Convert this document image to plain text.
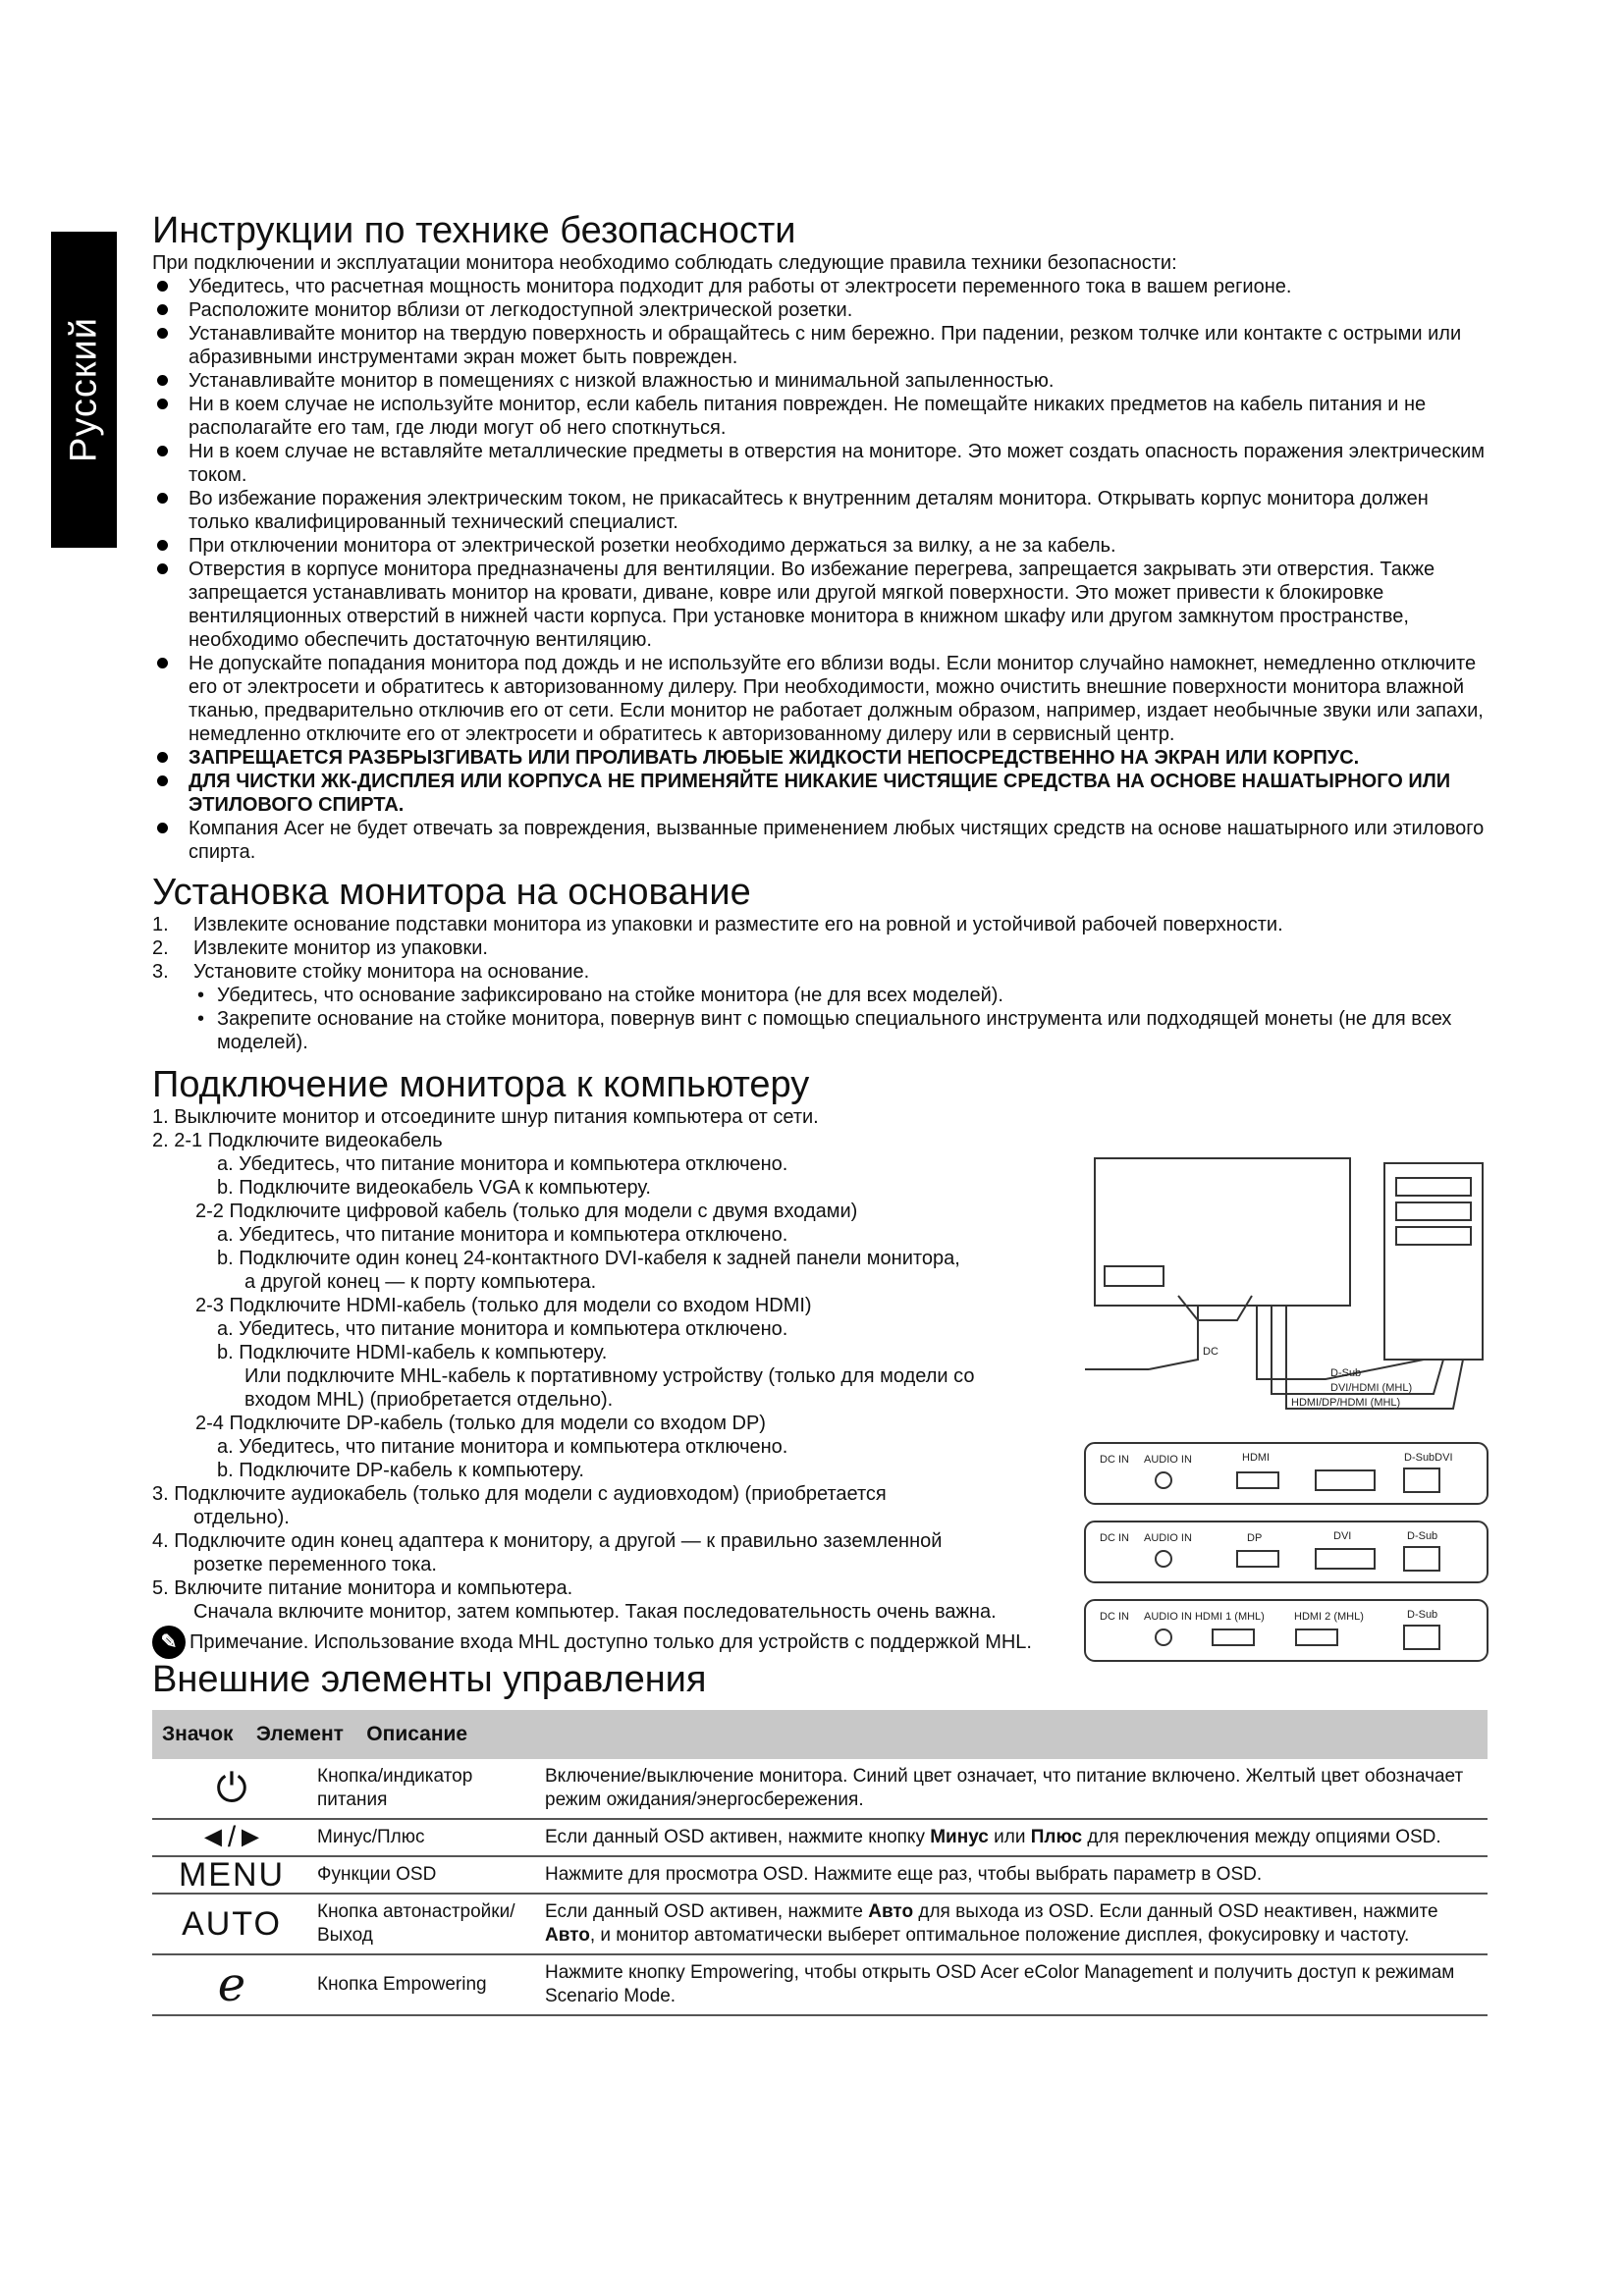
Русский
Инструкции по технике безопасности
При подключении и эксплуатации монитора необходимо соблюдать следующие правила техники безопасности:
Убедитесь, что расчетная мощность монитора подходит для работы от электросети переменного тока в вашем регионе.
Расположите монитор вблизи от легкодоступной электрической розетки.
Устанавливайте монитор на твердую поверхность и обращайтесь с ним бережно. При падении, резком толчке или контакте с острыми или абразивными инструментами экран может быть поврежден.
Устанавливайте монитор в помещениях с низкой влажностью и минимальной запыленностью.
Ни в коем случае не используйте монитор, если кабель питания поврежден. Не помещайте никаких предметов на кабель питания и не располагайте его там, где люди могут об него споткнуться.
Ни в коем случае не вставляйте металлические предметы в отверстия на мониторе. Это может создать опасность поражения электрическим током.
Во избежание поражения электрическим током, не прикасайтесь к внутренним деталям монитора. Открывать корпус монитора должен только квалифицированный технический специалист.
При отключении монитора от электрической розетки необходимо держаться за вилку, а не за кабель.
Отверстия в корпусе монитора предназначены для вентиляции. Во избежание перегрева, запрещается закрывать эти отверстия. Также запрещается устанавливать монитор на кровати, диване, ковре или другой мягкой поверхности. Это может привести к блокировке вентиляционных отверстий в нижней части корпуса. При установке монитора в книжном шкафу или другом замкнутом пространстве, необходимо обеспечить достаточную вентиляцию.
Не допускайте попадания монитора под дождь и не используйте его вблизи воды. Если монитор случайно намокнет, немедленно отключите его от электросети и обратитесь к авторизованному дилеру. При необходимости, можно очистить внешние поверхности монитора влажной тканью, предварительно отключив его от сети. Если монитор не работает должным образом, например, издает необычные звуки или запахи, немедленно отключите его от электросети и обратитесь к авторизованному дилеру или в сервисный центр.
ЗАПРЕЩАЕТСЯ РАЗБРЫЗГИВАТЬ ИЛИ ПРОЛИВАТЬ ЛЮБЫЕ ЖИДКОСТИ НЕПОСРЕДСТВЕННО НА ЭКРАН ИЛИ КОРПУС.
ДЛЯ ЧИСТКИ ЖК-ДИСПЛЕЯ ИЛИ КОРПУСА НЕ ПРИМЕНЯЙТЕ НИКАКИЕ ЧИСТЯЩИЕ СРЕДСТВА НА ОСНОВЕ НАШАТЫРНОГО ИЛИ ЭТИЛОВОГО СПИРТА.
Компания Acer не будет отвечать за повреждения, вызванные применением любых чистящих средств на основе нашатырного или этилового спирта.
Установка монитора на основание
1. Извлеките основание подставки монитора из упаковки и разместите его на ровной и устойчивой рабочей поверхности.
2. Извлеките монитор из упаковки.
3. Установите стойку монитора на основание.
• Убедитесь, что основание зафиксировано на стойке монитора (не для всех моделей).
• Закрепите основание на стойке монитора, повернув винт с помощью специального инструмента или подходящей монеты (не для всех моделей).
Подключение монитора к компьютеру
1. Выключите монитор и отсоедините шнур питания компьютера от сети.
2. 2-1 Подключите видеокабель
a. Убедитесь, что питание монитора и компьютера отключено.
b. Подключите видеокабель VGA к компьютеру.
2-2 Подключите цифровой кабель (только для модели с двумя входами)
a. Убедитесь, что питание монитора и компьютера отключено.
b. Подключите один конец 24-контактного DVI-кабеля к задней панели монитора,
а другой конец — к порту компьютера.
2-3 Подключите HDMI-кабель (только для модели со входом HDMI)
a. Убедитесь, что питание монитора и компьютера отключено.
b. Подключите HDMI-кабель к компьютеру.
Или подключите MHL-кабель к портативному устройству (только для модели со
входом MHL) (приобретается отдельно).
2-4 Подключите DP-кабель (только для модели со входом DP)
a. Убедитесь, что питание монитора и компьютера отключено.
b. Подключите DP-кабель к компьютеру.
3. Подключите аудиокабель (только для модели с аудиовходом) (приобретается
отдельно).
4. Подключите один конец адаптера к монитору, а другой — к правильно заземленной
розетке переменного тока.
5. Включите питание монитора и компьютера.
Сначала включите монитор, затем компьютер. Такая последовательность очень важна.
✎ Примечание. Использование входа MHL доступно только для устройств с поддержкой MHL.
Внешние элементы управления
Значок Элемент Описание		
⏻	Кнопка/индикатор питания	Включение/выключение монитора. Синий цвет означает, что питание включено. Желтый цвет обозначает режим ожидания/энергосбережения.
◄/►	Минус/Плюс	Если данный OSD активен, нажмите кнопку Минус или Плюс для переключения между опциями OSD.
MENU	Функции OSD	Нажмите для просмотра OSD. Нажмите еще раз, чтобы выбрать параметр в OSD.
AUTO	Кнопка автонастройки/ Выход	Если данный OSD активен, нажмите Авто для выхода из OSD. Если данный OSD неактивен, нажмите Авто, и монитор автоматически выберет оптимальное положение дисплея, фокусировку и частоту.
e	Кнопка Empowering	Нажмите кнопку Empowering, чтобы открыть OSD Acer eColor Management и получить доступ к режимам Scenario Mode.
DC
D-Sub
DVI/HDMI (MHL)
HDMI/DP/HDMI (MHL)
DC IN AUDIO IN	HDMI	D-SubDVI
DC IN AUDIO IN	DP	DVI	D-Sub
DC IN AUDIO IN HDMI 1 (MHL)	HDMI 2 (MHL)	D-Sub
